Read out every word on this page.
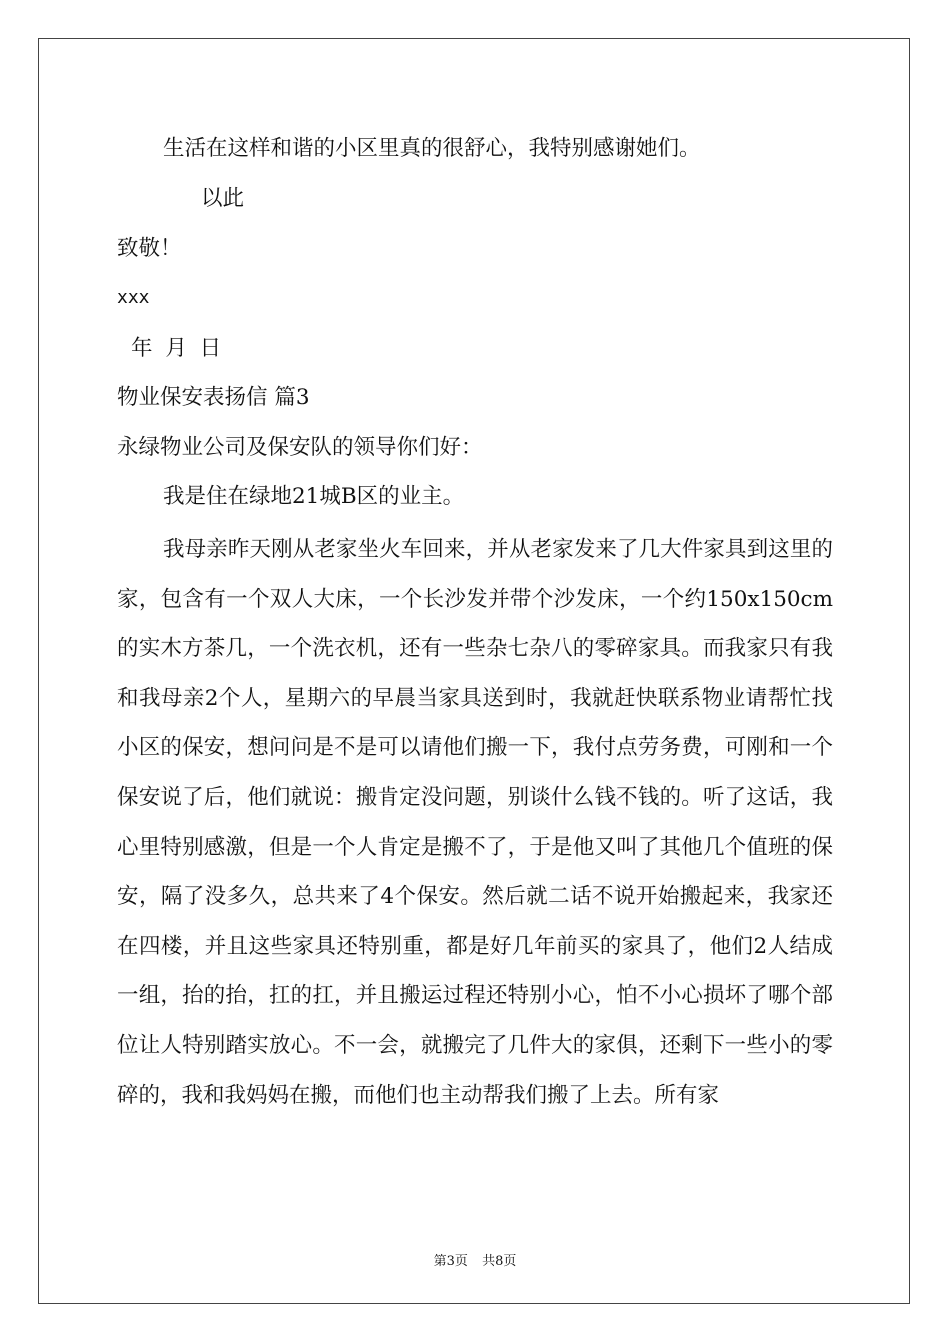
生活在这样和谐的小区里真的很舒心，我特别感谢她们。
以此
致敬！
xxx
年 月 日
物业保安表扬信 篇3
永绿物业公司及保安队的领导你们好：
我是住在绿地21城B区的业主。

我母亲昨天刚从老家坐火车回来，并从老家发来了几大件家具到这里的家，包含有一个双人大床，一个长沙发并带个沙发床，一个约150x150cm的实木方茶几，一个洗衣机，还有一些杂七杂八的零碎家具。而我家只有我和我母亲2个人，星期六的早晨当家具送到时，我就赶快联系物业请帮忙找小区的保安，想问问是不是可以请他们搬一下，我付点劳务费，可刚和一个保安说了后，他们就说：搬肯定没问题，别谈什么钱不钱的。听了这话，我心里特别感激，但是一个人肯定是搬不了，于是他又叫了其他几个值班的保安，隔了没多久，总共来了4个保安。然后就二话不说开始搬起来，我家还在四楼，并且这些家具还特别重，都是好几年前买的家具了，他们2人结成一组，抬的抬，扛的扛，并且搬运过程还特别小心，怕不小心损坏了哪个部位让人特别踏实放心。不一会，就搬完了几件大的家俱，还剩下一些小的零碎的，我和我妈妈在搬，而他们也主动帮我们搬了上去。所有家

第3页 共8页
